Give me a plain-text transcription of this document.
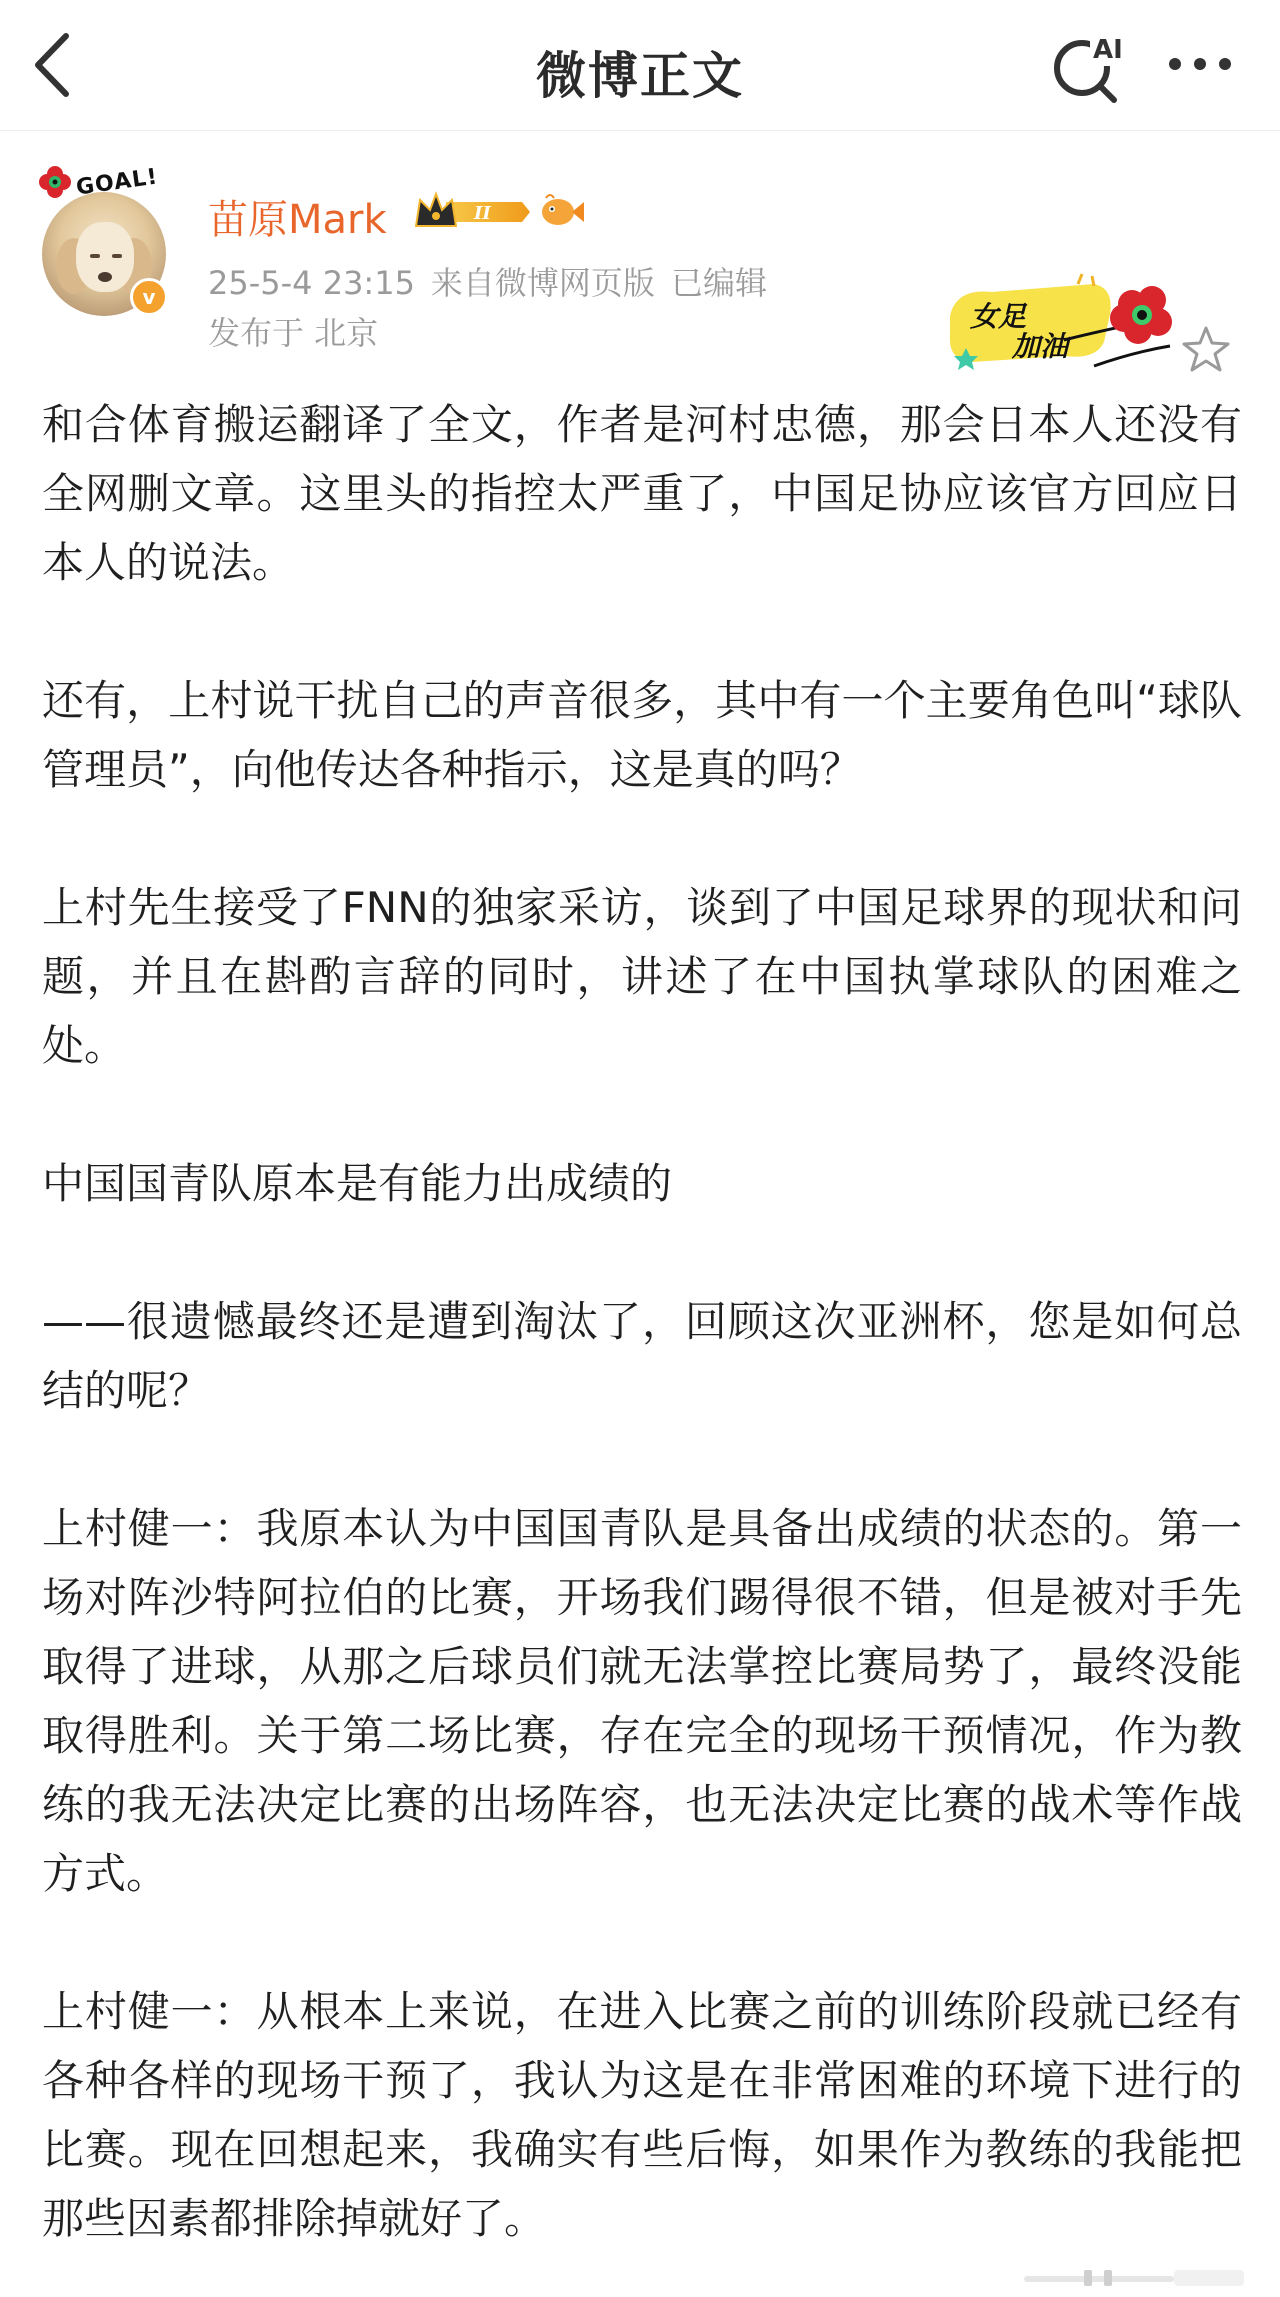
微博正文	AI
GOAL!
v
苗原Mark	II
25-5-4 23:15 来自微博网页版 已编辑
发布于 北京	女足
加油

和合体育搬运翻译了全文，作者是河村忠德，那会日本人还没有全网删文章。这里头的指控太严重了，中国足协应该官方回应日本人的说法。

还有，上村说干扰自己的声音很多，其中有一个主要角色叫“球队管理员”，向他传达各种指示，这是真的吗？

上村先生接受了FNN的独家采访，谈到了中国足球界的现状和问题，并且在斟酌言辞的同时，讲述了在中国执掌球队的困难之处。

中国国青队原本是有能力出成绩的

——很遗憾最终还是遭到淘汰了，回顾这次亚洲杯，您是如何总结的呢？

上村健一：我原本认为中国国青队是具备出成绩的状态的。第一场对阵沙特阿拉伯的比赛，开场我们踢得很不错，但是被对手先取得了进球，从那之后球员们就无法掌控比赛局势了，最终没能取得胜利。关于第二场比赛，存在完全的现场干预情况，作为教练的我无法决定比赛的出场阵容，也无法决定比赛的战术等作战方式。

上村健一：从根本上来说，在进入比赛之前的训练阶段就已经有各种各样的现场干预了，我认为这是在非常困难的环境下进行的比赛。现在回想起来，我确实有些后悔，如果作为教练的我能把那些因素都排除掉就好了。
